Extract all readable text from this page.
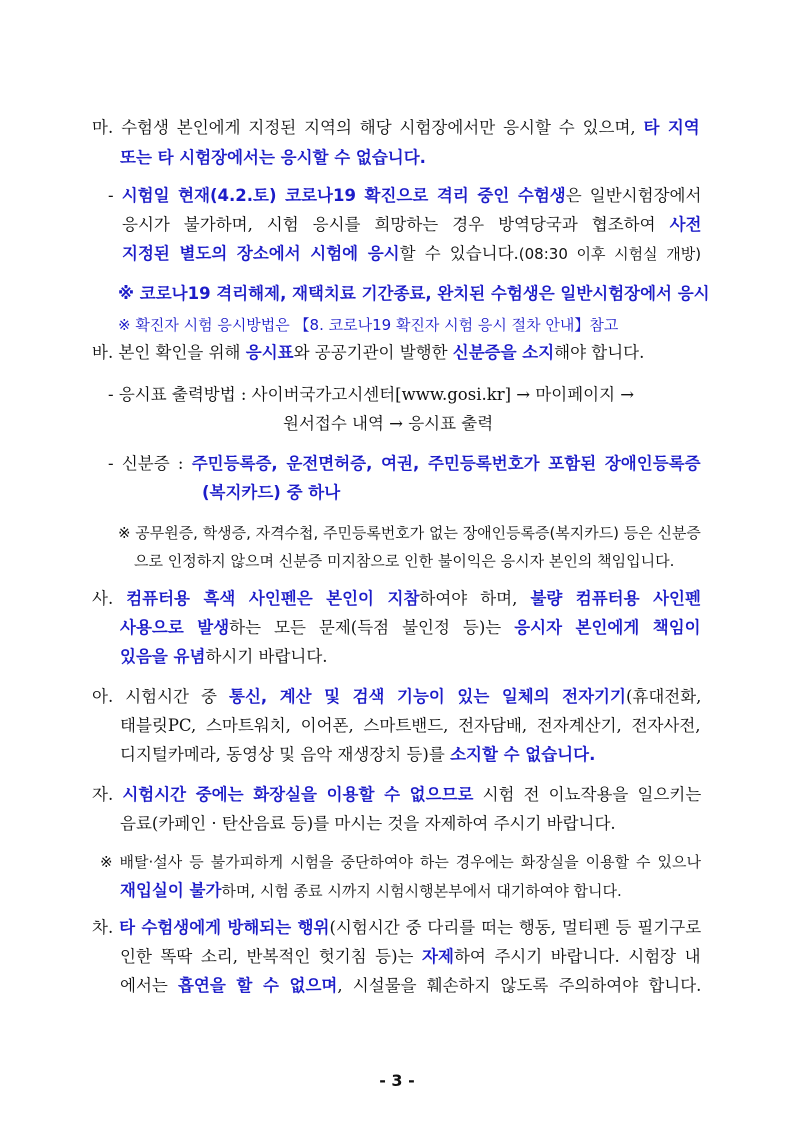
마. 수험생 본인에게 지정된 지역의 해당 시험장에서만 응시할 수 있으며, 타 지역
또는 타 시험장에서는 응시할 수 없습니다.
- 시험일 현재(4.2.토) 코로나19 확진으로 격리 중인 수험생은 일반시험장에서
응시가 불가하며, 시험 응시를 희망하는 경우 방역당국과 협조하여 사전
지정된 별도의 장소에서 시험에 응시할 수 있습니다.(08:30 이후 시험실 개방)
※ 코로나19 격리해제, 재택치료 기간종료, 완치된 수험생은 일반시험장에서 응시
※ 확진자 시험 응시방법은 【8. 코로나19 확진자 시험 응시 절차 안내】참고
바. 본인 확인을 위해 응시표와 공공기관이 발행한 신분증을 소지해야 합니다.
- 응시표 출력방법 : 사이버국가고시센터[www.gosi.kr] → 마이페이지 →
원서접수 내역 → 응시표 출력
- 신분증 : 주민등록증, 운전면허증, 여권, 주민등록번호가 포함된 장애인등록증
(복지카드) 중 하나
※ 공무원증, 학생증, 자격수첩, 주민등록번호가 없는 장애인등록증(복지카드) 등은 신분증
으로 인정하지 않으며 신분증 미지참으로 인한 불이익은 응시자 본인의 책임입니다.
사. 컴퓨터용 흑색 사인펜은 본인이 지참하여야 하며, 불량 컴퓨터용 사인펜
사용으로 발생하는 모든 문제(득점 불인정 등)는 응시자 본인에게 책임이
있음을 유념하시기 바랍니다.
아. 시험시간 중 통신, 계산 및 검색 기능이 있는 일체의 전자기기(휴대전화,
태블릿PC, 스마트워치, 이어폰, 스마트밴드, 전자담배, 전자계산기, 전자사전,
디지털카메라, 동영상 및 음악 재생장치 등)를 소지할 수 없습니다.
자. 시험시간 중에는 화장실을 이용할 수 없으므로 시험 전 이뇨작용을 일으키는
음료(카페인 · 탄산음료 등)를 마시는 것을 자제하여 주시기 바랍니다.
※ 배탈·설사 등 불가피하게 시험을 중단하여야 하는 경우에는 화장실을 이용할 수 있으나
재입실이 불가하며, 시험 종료 시까지 시험시행본부에서 대기하여야 합니다.
차. 타 수험생에게 방해되는 행위(시험시간 중 다리를 떠는 행동, 멀티펜 등 필기구로
인한 똑딱 소리, 반복적인 헛기침 등)는 자제하여 주시기 바랍니다. 시험장 내
에서는 흡연을 할 수 없으며, 시설물을 훼손하지 않도록 주의하여야 합니다.
- 3 -
